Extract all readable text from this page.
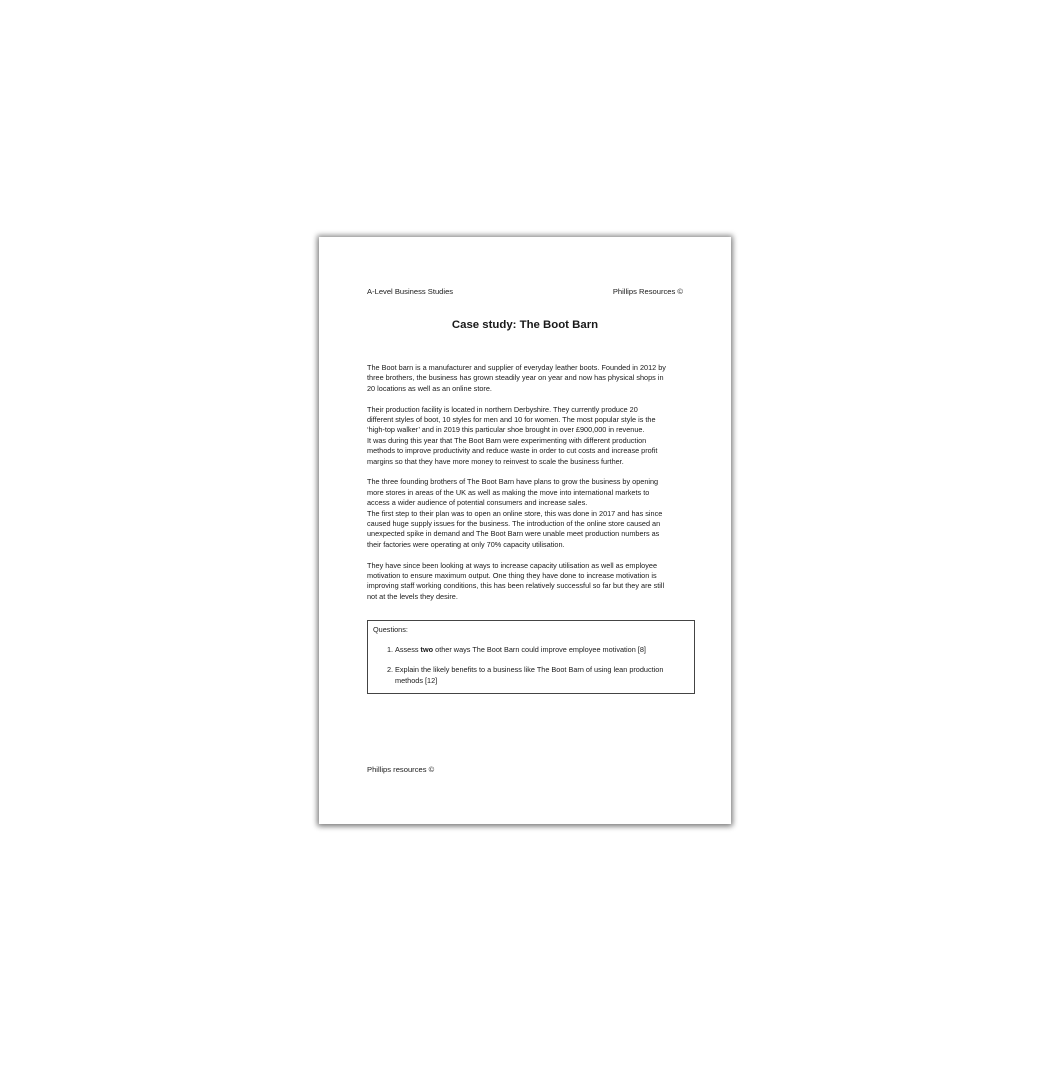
A-Level Business Studies	Phillips Resources ©
Case study: The Boot Barn

The Boot barn is a manufacturer and supplier of everyday leather boots. Founded in 2012 by
three brothers, the business has grown steadily year on year and now has physical shops in
20 locations as well as an online store.

Their production facility is located in northern Derbyshire. They currently produce 20
different styles of boot, 10 styles for men and 10 for women. The most popular style is the
‘high-top walker’ and in 2019 this particular shoe brought in over £900,000 in revenue.
It was during this year that The Boot Barn were experimenting with different production
methods to improve productivity and reduce waste in order to cut costs and increase profit
margins so that they have more money to reinvest to scale the business further.

The three founding brothers of The Boot Barn have plans to grow the business by opening
more stores in areas of the UK as well as making the move into international markets to
access a wider audience of potential consumers and increase sales.
The first step to their plan was to open an online store, this was done in 2017 and has since
caused huge supply issues for the business. The introduction of the online store caused an
unexpected spike in demand and The Boot Barn were unable meet production numbers as
their factories were operating at only 70% capacity utilisation.

They have since been looking at ways to increase capacity utilisation as well as employee
motivation to ensure maximum output. One thing they have done to increase motivation is
improving staff working conditions, this has been relatively successful so far but they are still
not at the levels they desire.

Questions:
1. Assess two other ways The Boot Barn could improve employee motivation [8]
2. Explain the likely benefits to a business like The Boot Barn of using lean production
methods [12]
Phillips resources ©
